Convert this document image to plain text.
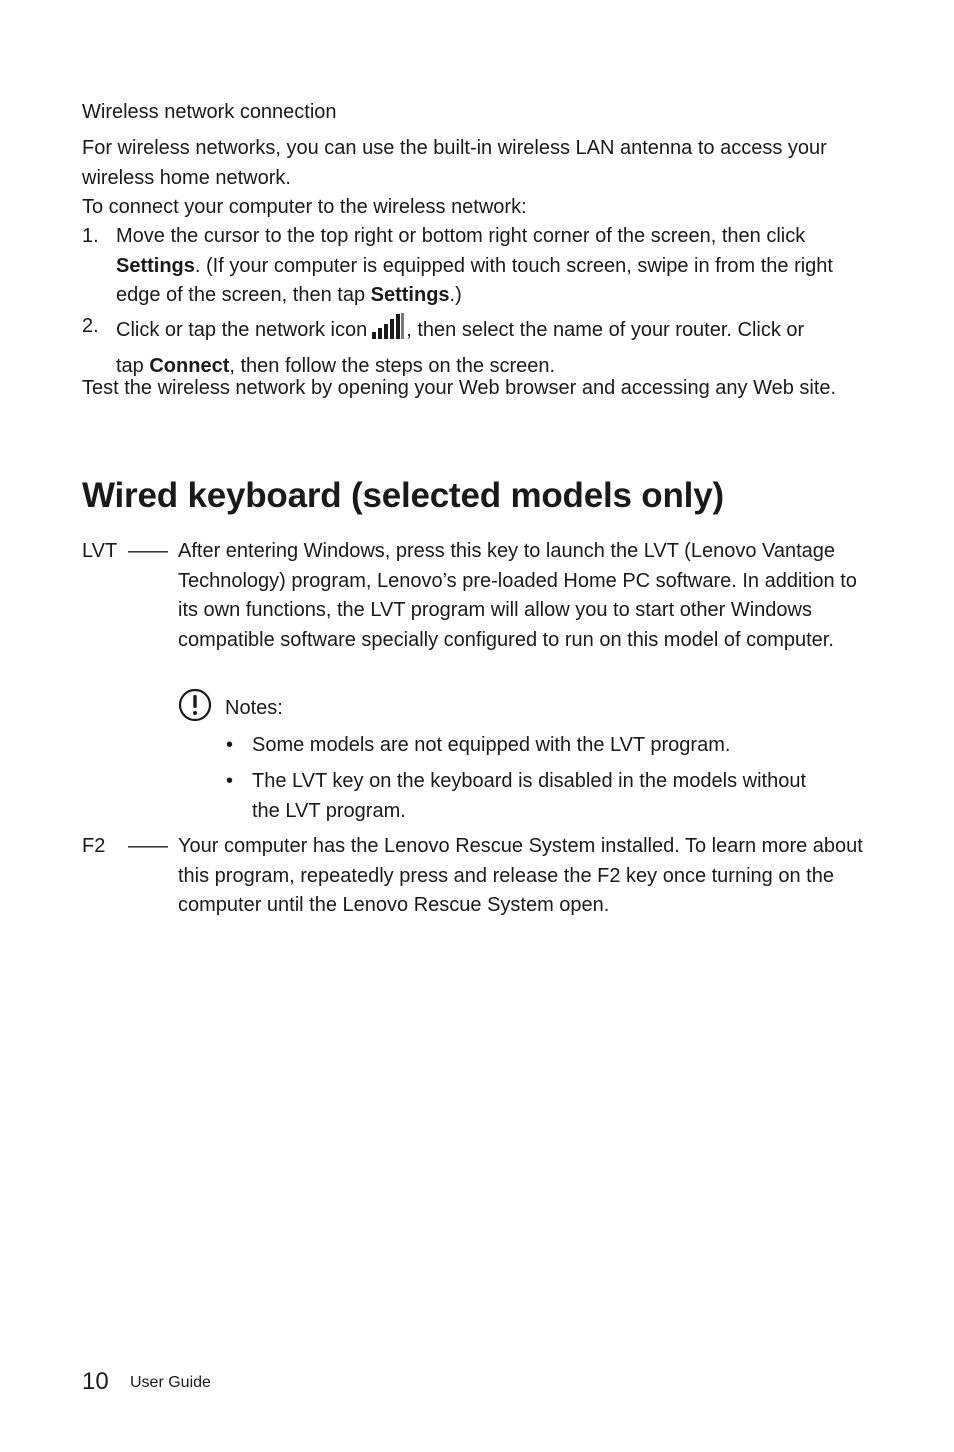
Wireless network connection
For wireless networks, you can use the built-in wireless LAN antenna to access your wireless home network.
To connect your computer to the wireless network:
1. Move the cursor to the top right or bottom right corner of the screen, then click Settings. (If your computer is equipped with touch screen, swipe in from the right edge of the screen, then tap Settings.)
2. Click or tap the network icon , then select the name of your router. Click or
tap Connect, then follow the steps on the screen.
Test the wireless network by opening your Web browser and accessing any Web site.
Wired keyboard (selected models only)
LVT —— After entering Windows, press this key to launch the LVT (Lenovo Vantage Technology) program, Lenovo’s pre-loaded Home PC software. In addition to its own functions, the LVT program will allow you to start other Windows compatible software specially configured to run on this model of computer.
Notes:
• Some models are not equipped with the LVT program.
• The LVT key on the keyboard is disabled in the models without the LVT program.
F2 —— Your computer has the Lenovo Rescue System installed. To learn more about this program, repeatedly press and release the F2 key once turning on the computer until the Lenovo Rescue System open.
10 User Guide
